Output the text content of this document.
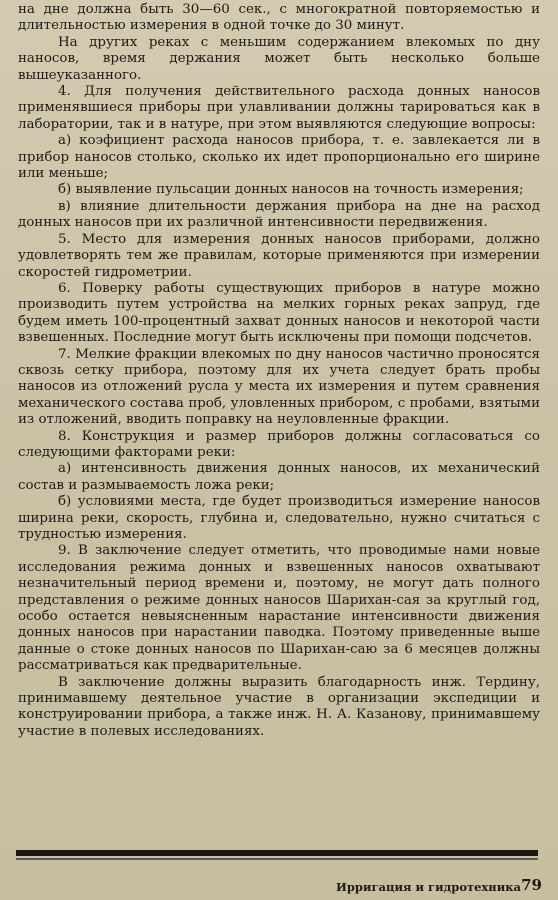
на дне должна быть 30—60 сек., с многократной повторяемостью и длительностью измерения в одной точке до 30 минут.

На других реках с меньшим содержанием влекомых по дну наносов, время держания может быть несколько больше вышеуказанного.

4. Для получения действительного расхода донных наносов применявшиеся приборы при улавливании должны тарироваться как в лаборатории, так и в натуре, при этом выявляются следующие вопросы:

а) коэфициент расхода наносов прибора, т. е. завлекается ли в прибор наносов столько, сколько их идет пропорционально его ширине или меньше;

б) выявление пульсации донных наносов на точность измерения;

в) влияние длительности держания прибора на дне на расход донных наносов при их различной интенсивности передвижения.

5. Место для измерения донных наносов приборами, должно удовлетворять тем же правилам, которые применяются при измерении скоростей гидрометрии.

6. Поверку работы существующих приборов в натуре можно производить путем устройства на мелких горных реках запруд, где будем иметь 100-процентный захват донных наносов и некоторой части взвешенных. Последние могут быть исключены при помощи подсчетов.

7. Мелкие фракции влекомых по дну наносов частично проносятся сквозь сетку прибора, поэтому для их учета следует брать пробы наносов из отложений русла у места их измерения и путем сравнения механического состава проб, уловленных прибором, с пробами, взятыми из отложений, вводить поправку на неуловленные фракции.

8. Конструкция и размер приборов должны согласоваться со следующими факторами реки:

а) интенсивность движения донных наносов, их механический состав и размываемость ложа реки;

б) условиями места, где будет производиться измерение наносов ширина реки, скорость, глубина и, следовательно, нужно считаться с трудностью измерения.

9. В заключение следует отметить, что проводимые нами новые исследования режима донных и взвешенных наносов охватывают незначительный период времени и, поэтому, не могут дать полного представления о режиме донных наносов Шарихан-сая за круглый год, особо остается невыясненным нарастание интенсивности движения донных наносов при нарастании паводка. Поэтому приведенные выше данные о стоке донных наносов по Шарихан-саю за 6 месяцев должны рассматриваться как предварительные.

В заключение должны выразить благодарность инж. Тердину, принимавшему деятельное участие в организации экспедиции и конструировании прибора, а также инж. Н. А. Казанову, принимавшему участие в полевых исследованиях.

Ирригация и гидротехника 79
